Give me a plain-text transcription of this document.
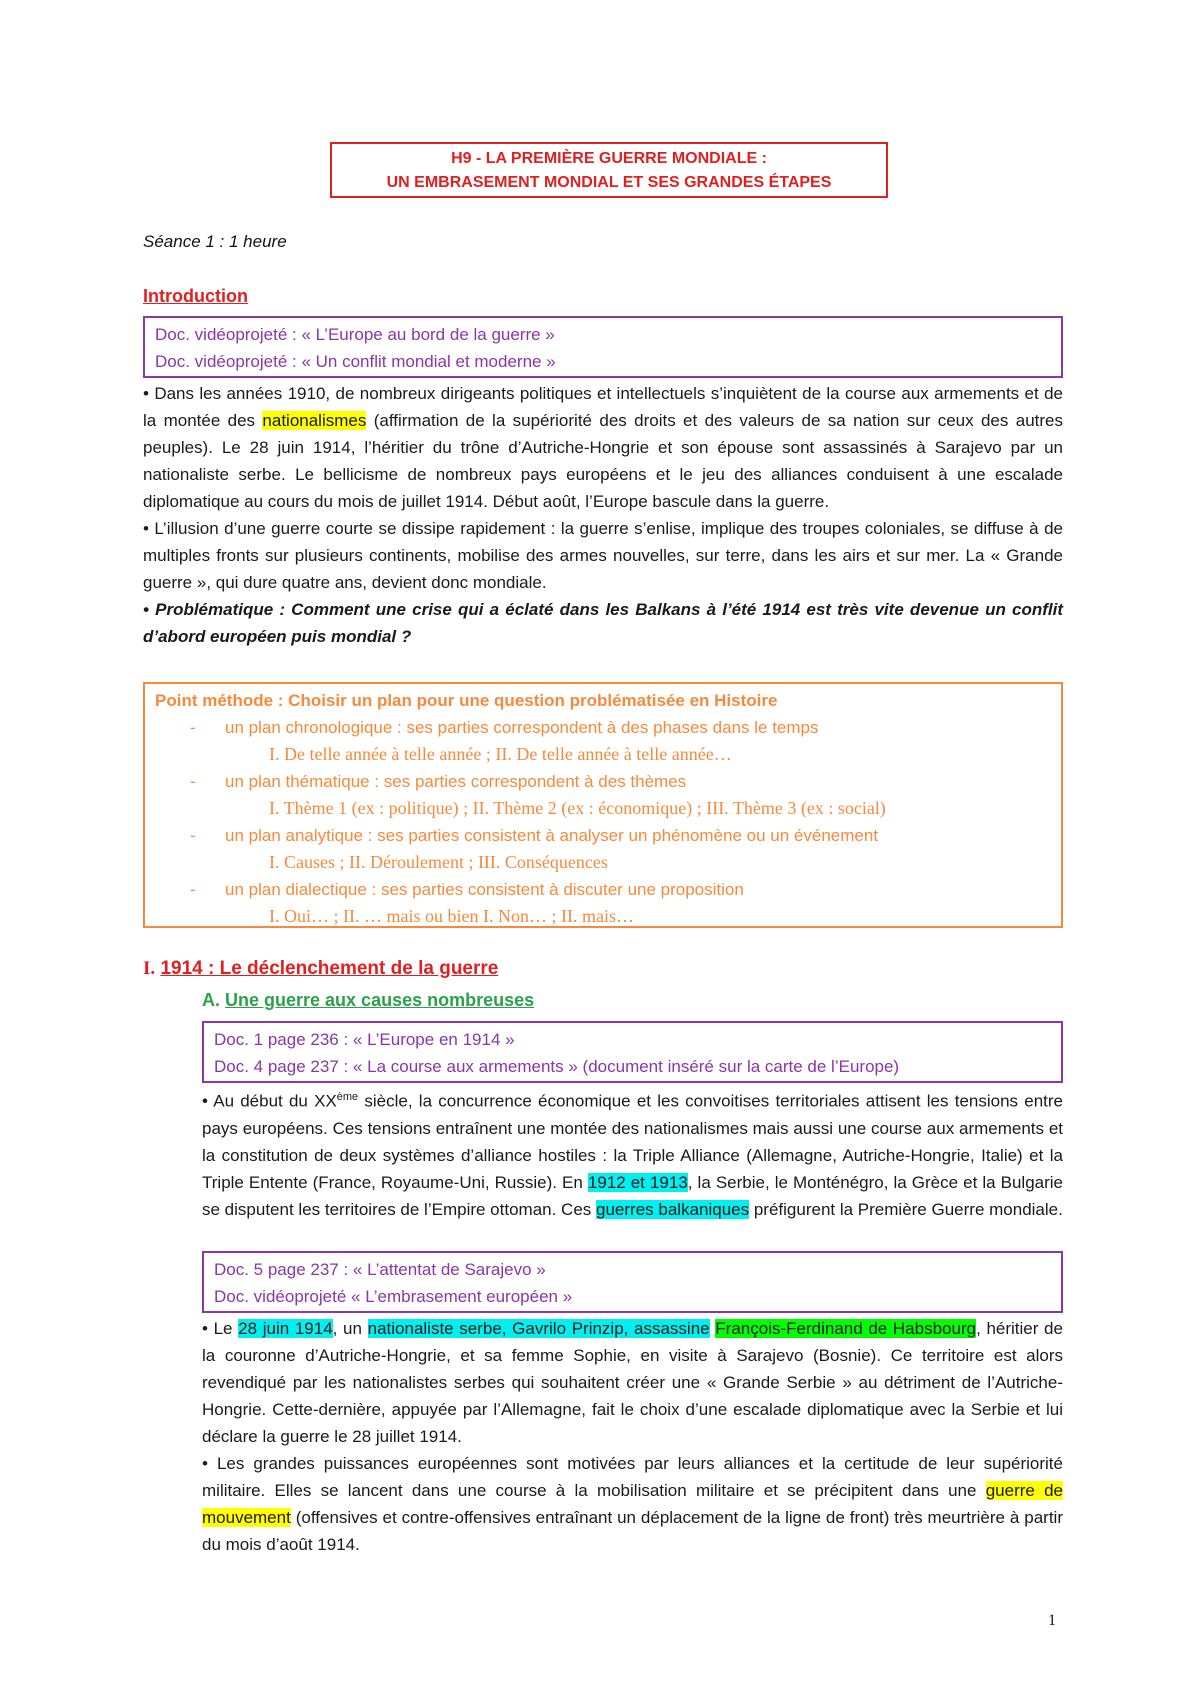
H9 - LA PREMIÈRE GUERRE MONDIALE :
UN EMBRASEMENT MONDIAL ET SES GRANDES ÉTAPES
Séance 1 : 1 heure
Introduction
Doc. vidéoprojeté : « L’Europe au bord de la guerre »
Doc. vidéoprojeté : « Un conflit mondial et moderne »

• Dans les années 1910, de nombreux dirigeants politiques et intellectuels s’inquiètent de la course aux armements et de la montée des nationalismes (affirmation de la supériorité des droits et des valeurs de sa nation sur ceux des autres peuples). Le 28 juin 1914, l’héritier du trône d’Autriche-Hongrie et son épouse sont assassinés à Sarajevo par un nationaliste serbe. Le bellicisme de nombreux pays européens et le jeu des alliances conduisent à une escalade diplomatique au cours du mois de juillet 1914. Début août, l’Europe bascule dans la guerre.

• L’illusion d’une guerre courte se dissipe rapidement : la guerre s’enlise, implique des troupes coloniales, se diffuse à de multiples fronts sur plusieurs continents, mobilise des armes nouvelles, sur terre, dans les airs et sur mer. La « Grande guerre », qui dure quatre ans, devient donc mondiale.

• Problématique : Comment une crise qui a éclaté dans les Balkans à l’été 1914 est très vite devenue un conflit d’abord européen puis mondial ?

Point méthode : Choisir un plan pour une question problématisée en Histoire
-	un plan chronologique : ses parties correspondent à des phases dans le temps
I. De telle année à telle année ; II. De telle année à telle année…
-	un plan thématique : ses parties correspondent à des thèmes
I. Thème 1 (ex : politique) ; II. Thème 2 (ex : économique) ; III. Thème 3 (ex : social)
-	un plan analytique : ses parties consistent à analyser un phénomène ou un événement
I. Causes ; II. Déroulement ; III. Conséquences
-	un plan dialectique : ses parties consistent à discuter une proposition
I. Oui… ; II. … mais ou bien I. Non… ; II. mais…
I. 1914 : Le déclenchement de la guerre
A. Une guerre aux causes nombreuses
Doc. 1 page 236 : « L’Europe en 1914 »
Doc. 4 page 237 : « La course aux armements » (document inséré sur la carte de l’Europe)

• Au début du XXème siècle, la concurrence économique et les convoitises territoriales attisent les tensions entre pays européens. Ces tensions entraînent une montée des nationalismes mais aussi une course aux armements et la constitution de deux systèmes d’alliance hostiles : la Triple Alliance (Allemagne, Autriche-Hongrie, Italie) et la Triple Entente (France, Royaume-Uni, Russie). En 1912 et 1913, la Serbie, le Monténégro, la Grèce et la Bulgarie se disputent les territoires de l’Empire ottoman. Ces guerres balkaniques préfigurent la Première Guerre mondiale.

Doc. 5 page 237 : « L’attentat de Sarajevo »
Doc. vidéoprojeté « L’embrasement européen »

• Le 28 juin 1914, un nationaliste serbe, Gavrilo Prinzip, assassine François-Ferdinand de Habsbourg, héritier de la couronne d’Autriche-Hongrie, et sa femme Sophie, en visite à Sarajevo (Bosnie). Ce territoire est alors revendiqué par les nationalistes serbes qui souhaitent créer une « Grande Serbie » au détriment de l’Autriche-Hongrie. Cette-dernière, appuyée par l’Allemagne, fait le choix d’une escalade diplomatique avec la Serbie et lui déclare la guerre le 28 juillet 1914.

• Les grandes puissances européennes sont motivées par leurs alliances et la certitude de leur supériorité militaire. Elles se lancent dans une course à la mobilisation militaire et se précipitent dans une guerre de mouvement (offensives et contre-offensives entraînant un déplacement de la ligne de front) très meurtrière à partir du mois d’août 1914.

1
